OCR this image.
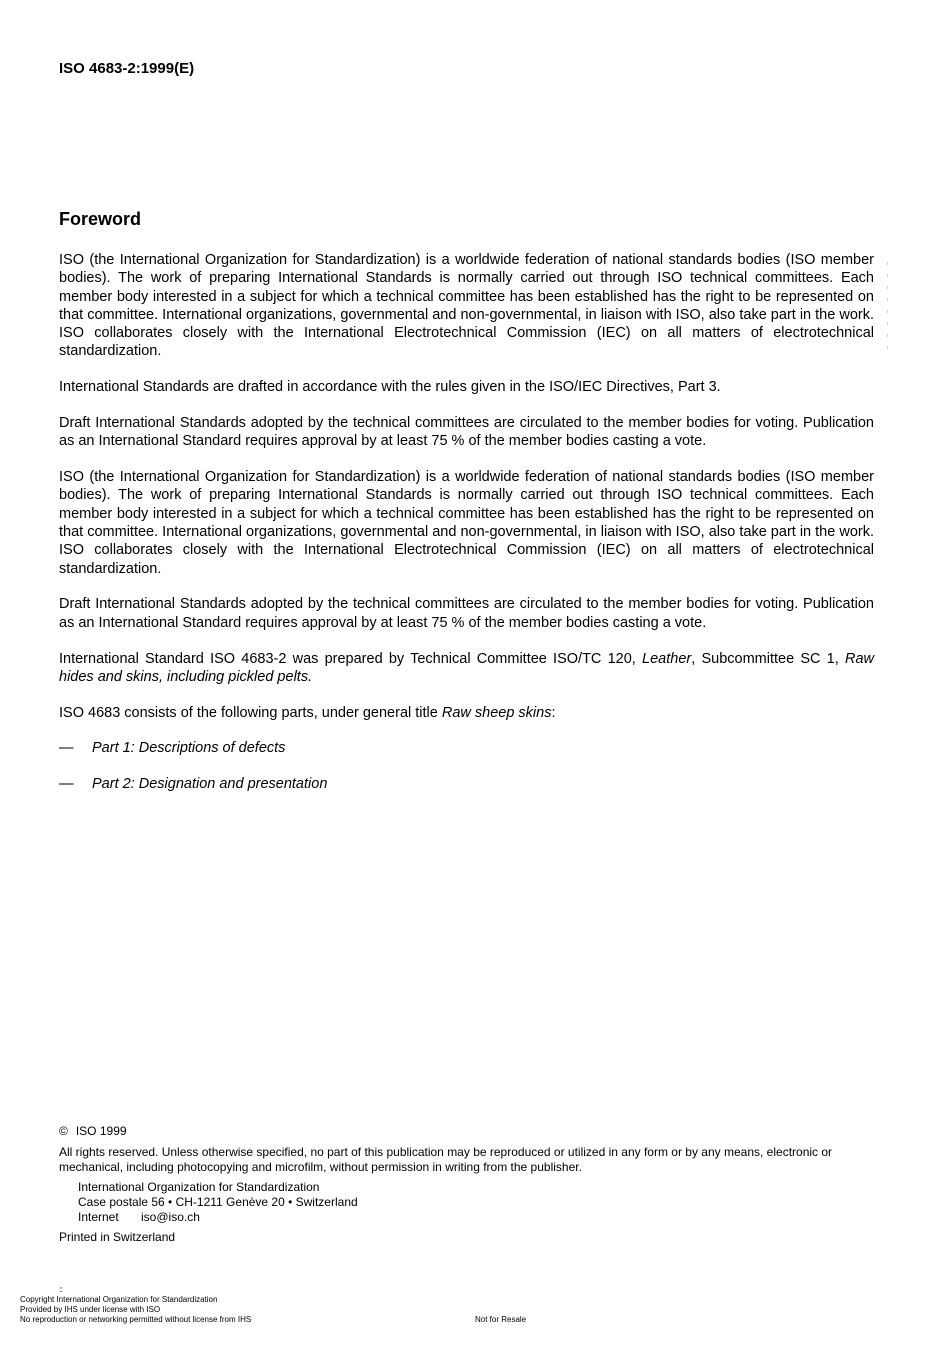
ISO 4683-2:1999(E)
Foreword

ISO (the International Organization for Standardization) is a worldwide federation of national standards bodies (ISO member bodies). The work of preparing International Standards is normally carried out through ISO technical committees. Each member body interested in a subject for which a technical committee has been established has the right to be represented on that committee. International organizations, governmental and non-governmental, in liaison with ISO, also take part in the work. ISO collaborates closely with the International Electrotechnical Commission (IEC) on all matters of electrotechnical standardization.

International Standards are drafted in accordance with the rules given in the ISO/IEC Directives, Part 3.

Draft International Standards adopted by the technical committees are circulated to the member bodies for voting. Publication as an International Standard requires approval by at least 75 % of the member bodies casting a vote.

ISO (the International Organization for Standardization) is a worldwide federation of national standards bodies (ISO member bodies). The work of preparing International Standards is normally carried out through ISO technical committees. Each member body interested in a subject for which a technical committee has been established has the right to be represented on that committee. International organizations, governmental and non-governmental, in liaison with ISO, also take part in the work. ISO collaborates closely with the International Electrotechnical Commission (IEC) on all matters of electrotechnical standardization.

Draft International Standards adopted by the technical committees are circulated to the member bodies for voting. Publication as an International Standard requires approval by at least 75 % of the member bodies casting a vote.

International Standard ISO 4683-2 was prepared by Technical Committee ISO/TC 120, Leather, Subcommittee SC 1, Raw hides and skins, including pickled pelts.

ISO 4683 consists of the following parts, under general title Raw sheep skins:

—	Part 1: Descriptions of defects
—	Part 2: Designation and presentation
© ISO 1999
All rights reserved. Unless otherwise specified, no part of this publication may be reproduced or utilized in any form or by any means, electronic or mechanical, including photocopying and microfilm, without permission in writing from the publisher.
International Organization for Standardization
Case postale 56 • CH-1211 Genève 20 • Switzerland
Internet iso@iso.ch
Printed in Switzerland
::
Copyright International Organization for Standardization
Provided by IHS under license with ISO
No reproduction or networking permitted without license from IHS	Not for Resale
